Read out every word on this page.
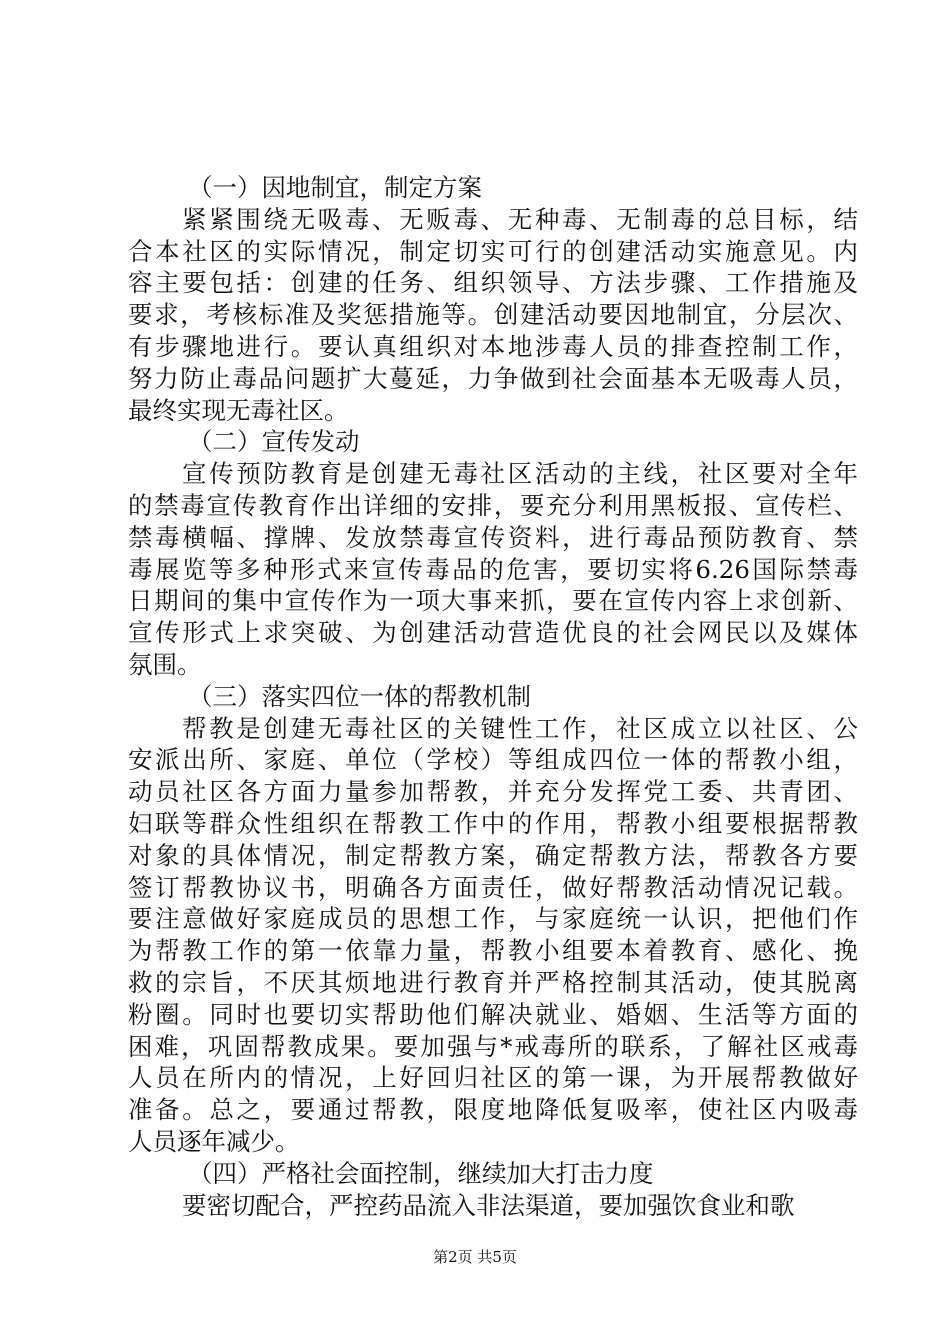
（一）因地制宜，制定方案
紧紧围绕无吸毒、无贩毒、无种毒、无制毒的总目标，结
合本社区的实际情况，制定切实可行的创建活动实施意见。内
容主要包括：创建的任务、组织领导、方法步骤、工作措施及
要求，考核标准及奖惩措施等。创建活动要因地制宜，分层次、
有步骤地进行。要认真组织对本地涉毒人员的排查控制工作，
努力防止毒品问题扩大蔓延，力争做到社会面基本无吸毒人员，
最终实现无毒社区。
（二）宣传发动
宣传预防教育是创建无毒社区活动的主线，社区要对全年
的禁毒宣传教育作出详细的安排，要充分利用黑板报、宣传栏、
禁毒横幅、撑牌、发放禁毒宣传资料，进行毒品预防教育、禁
毒展览等多种形式来宣传毒品的危害，要切实将6.26国际禁毒
日期间的集中宣传作为一项大事来抓，要在宣传内容上求创新、
宣传形式上求突破、为创建活动营造优良的社会网民以及媒体
氛围。
（三）落实四位一体的帮教机制
帮教是创建无毒社区的关键性工作，社区成立以社区、公
安派出所、家庭、单位（学校）等组成四位一体的帮教小组，
动员社区各方面力量参加帮教，并充分发挥党工委、共青团、
妇联等群众性组织在帮教工作中的作用，帮教小组要根据帮教
对象的具体情况，制定帮教方案，确定帮教方法，帮教各方要
签订帮教协议书，明确各方面责任，做好帮教活动情况记载。
要注意做好家庭成员的思想工作，与家庭统一认识，把他们作
为帮教工作的第一依靠力量，帮教小组要本着教育、感化、挽
救的宗旨，不厌其烦地进行教育并严格控制其活动，使其脱离
粉圈。同时也要切实帮助他们解决就业、婚姻、生活等方面的
困难，巩固帮教成果。要加强与*戒毒所的联系，了解社区戒毒
人员在所内的情况，上好回归社区的第一课，为开展帮教做好
准备。总之，要通过帮教，限度地降低复吸率，使社区内吸毒
人员逐年减少。
（四）严格社会面控制，继续加大打击力度
要密切配合，严控药品流入非法渠道，要加强饮食业和歌
第2页 共5页
